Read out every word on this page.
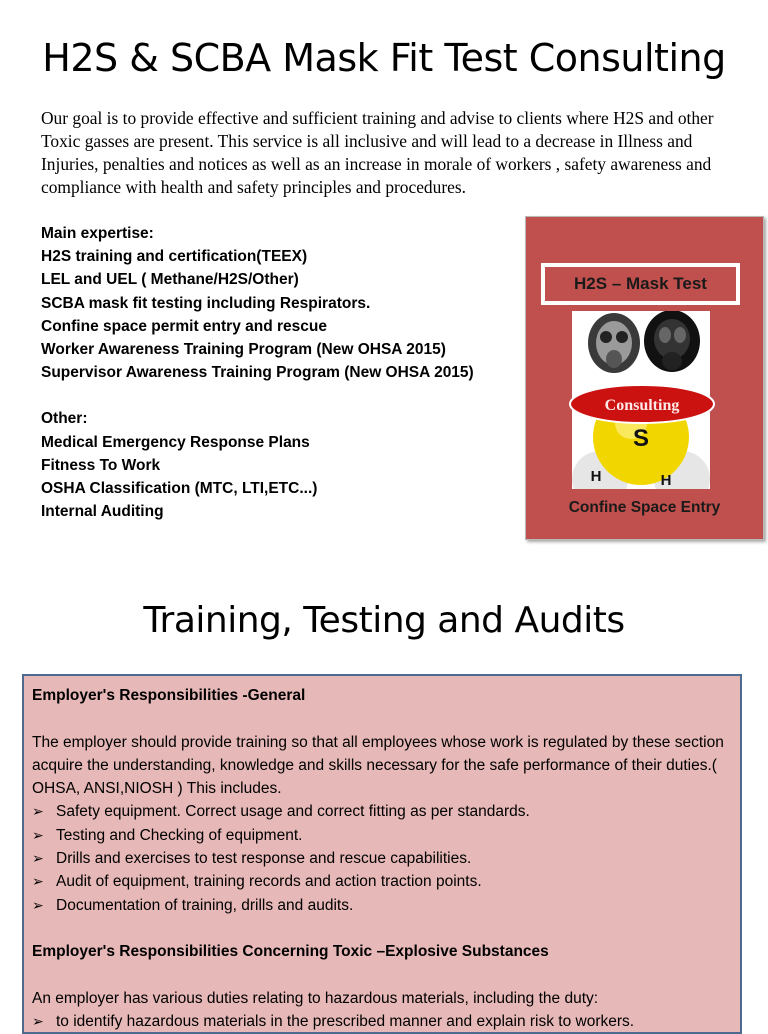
H2S & SCBA Mask Fit Test Consulting
Our goal is to provide effective and sufficient training and advise to clients where H2S and other Toxic gasses are present. This service is all inclusive and will lead to a decrease in Illness and Injuries, penalties and notices as well as an increase in morale of workers , safety awareness and compliance with health and safety principles and procedures.
Main expertise:
H2S training and certification(TEEX)
LEL and UEL ( Methane/H2S/Other)
SCBA mask fit testing including Respirators.
Confine space permit entry and rescue
Worker Awareness Training Program (New OHSA 2015)
Supervisor Awareness Training Program (New OHSA 2015)
Other:
Medical Emergency Response Plans
Fitness To Work
OSHA Classification (MTC, LTI,ETC...)
Internal Auditing
H2S – Mask Test
S
H	H
Consulting
Confine Space Entry
Training, Testing and Audits
Employer's Responsibilities -General
The employer should provide training so that all employees whose work is regulated by these section acquire the understanding, knowledge and skills necessary for the safe performance of their duties.( OHSA, ANSI,NIOSH ) This includes.
➢ Safety equipment. Correct usage and correct fitting as per standards.
➢ Testing and Checking of equipment.
➢ Drills and exercises to test response and rescue capabilities.
➢ Audit of equipment, training records and action traction points.
➢ Documentation of training, drills and audits.
Employer's Responsibilities Concerning Toxic –Explosive Substances
An employer has various duties relating to hazardous materials, including the duty:
➢ to identify hazardous materials in the prescribed manner and explain risk to workers.
